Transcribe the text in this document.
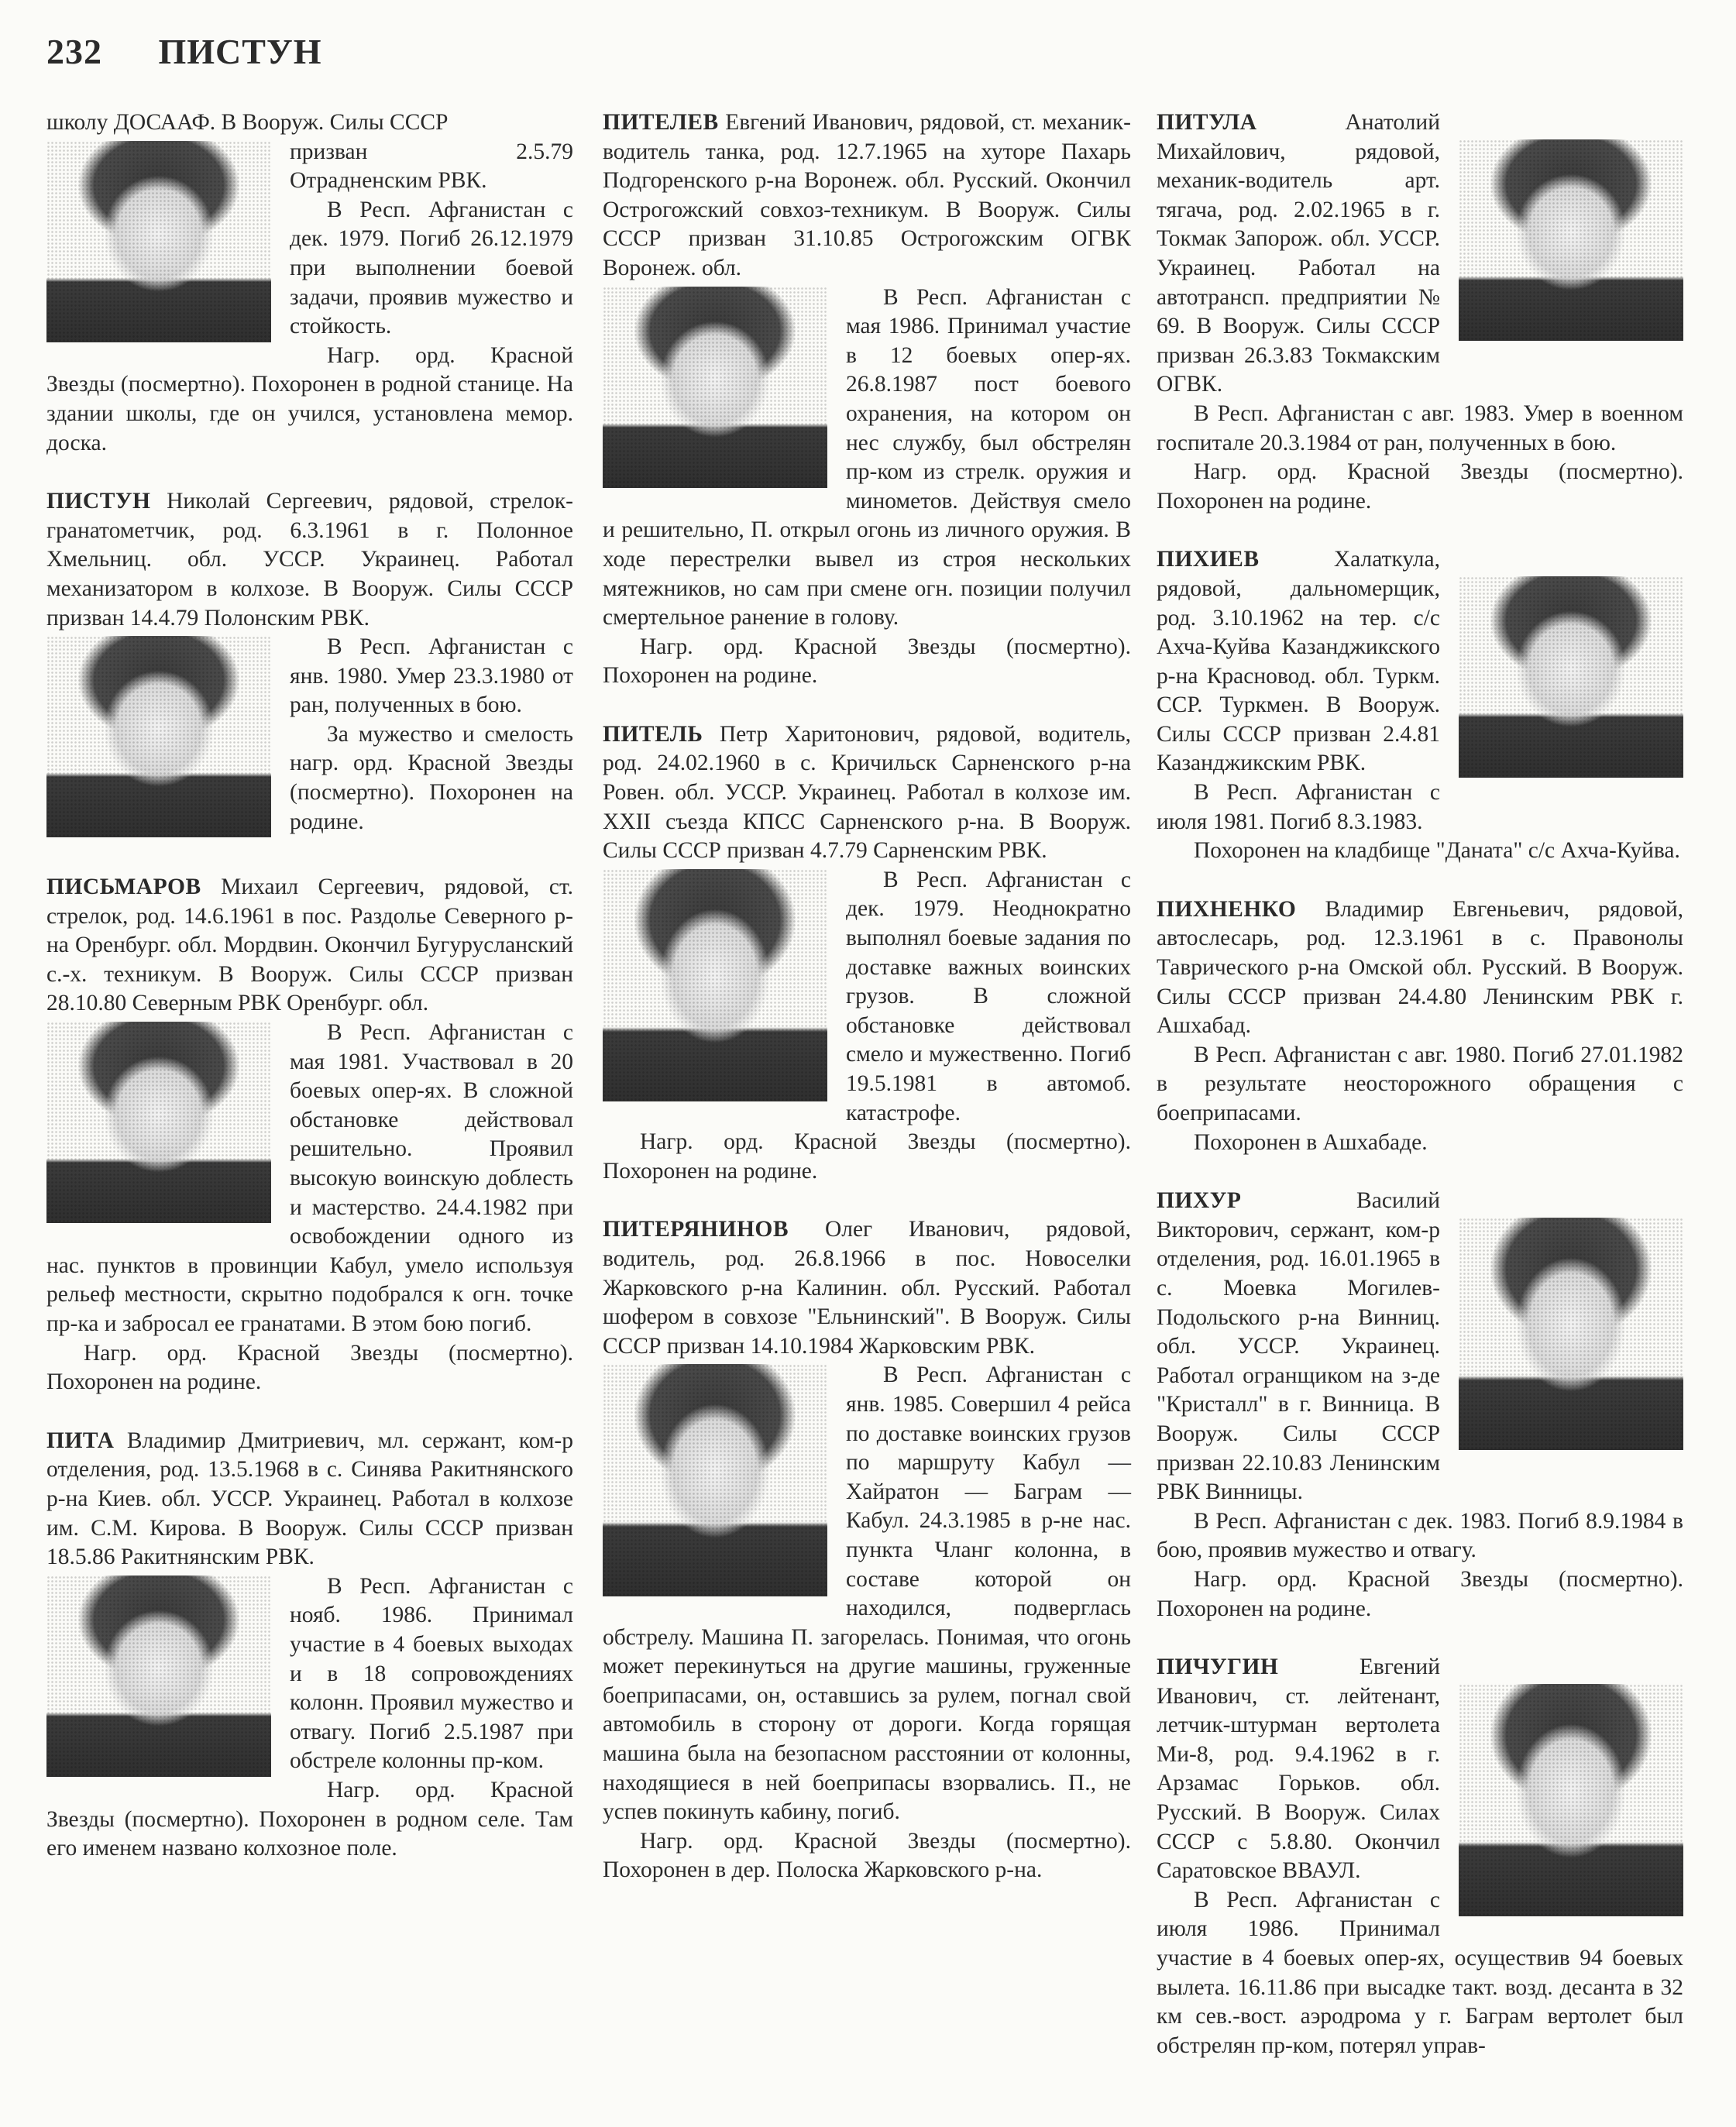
232 ПИСТУН

школу ДОСААФ. В Вооруж. Силы СССР

призван 2.5.79 Отрадненским РВК.

В Респ. Афганистан с дек. 1979. Погиб 26.12.1979 при выполнении боевой задачи, проявив мужество и стойкость.

Нагр. орд. Красной Звезды (посмертно). Похоронен в родной станице. На здании школы, где он учился, установлена мемор. доска.

ПИСТУН Николай Сергеевич, рядовой, стрелок-гранатометчик, род. 6.3.1961 в г. Полонное Хмельниц. обл. УССР. Украинец. Работал механизатором в колхозе. В Вооруж. Силы СССР призван 14.4.79 Полонским РВК.

В Респ. Афганистан с янв. 1980. Умер 23.3.1980 от ран, полученных в бою.

За мужество и смелость нагр. орд. Красной Звезды (посмертно). Похоронен на родине.

ПИСЬМАРОВ Михаил Сергеевич, рядовой, ст. стрелок, род. 14.6.1961 в пос. Раздолье Северного р-на Оренбург. обл. Мордвин. Окончил Бугурусланский с.-х. техникум. В Вооруж. Силы СССР призван 28.10.80 Северным РВК Оренбург. обл.

В Респ. Афганистан с мая 1981. Участвовал в 20 боевых опер-ях. В сложной обстановке действовал решительно. Проявил высокую воинскую доблесть и мастерство. 24.4.1982 при освобождении одного из нас. пунктов в провинции Кабул, умело используя рельеф местности, скрытно подобрался к огн. точке пр-ка и забросал ее гранатами. В этом бою погиб.

Нагр. орд. Красной Звезды (посмертно). Похоронен на родине.

ПИТА Владимир Дмитриевич, мл. сержант, ком-р отделения, род. 13.5.1968 в с. Синява Ракитнянского р-на Киев. обл. УССР. Украинец. Работал в колхозе им. С.М. Кирова. В Вооруж. Силы СССР призван 18.5.86 Ракитнянским РВК.

В Респ. Афганистан с нояб. 1986. Принимал участие в 4 боевых выходах и в 18 сопровождениях колонн. Проявил мужество и отвагу. Погиб 2.5.1987 при обстреле колонны пр-ком.

Нагр. орд. Красной Звезды (посмертно). Похоронен в родном селе. Там его именем названо колхозное поле.

ПИТЕЛЕВ Евгений Иванович, рядовой, ст. механик-водитель танка, род. 12.7.1965 на хуторе Пахарь Подгоренского р-на Воронеж. обл. Русский. Окончил Острогожский совхоз-техникум. В Вооруж. Силы СССР призван 31.10.85 Острогожским ОГВК Воронеж. обл.

В Респ. Афганистан с мая 1986. Принимал участие в 12 боевых опер-ях. 26.8.1987 пост боевого охранения, на котором он нес службу, был обстрелян пр-ком из стрелк. оружия и минометов. Действуя смело и решительно, П. открыл огонь из личного оружия. В ходе перестрелки вывел из строя нескольких мятежников, но сам при смене огн. позиции получил смертельное ранение в голову.

Нагр. орд. Красной Звезды (посмертно). Похоронен на родине.

ПИТЕЛЬ Петр Харитонович, рядовой, водитель, род. 24.02.1960 в с. Кричильск Сарненского р-на Ровен. обл. УССР. Украинец. Работал в колхозе им. XXII съезда КПСС Сарненского р-на. В Вооруж. Силы СССР призван 4.7.79 Сарненским РВК.

В Респ. Афганистан с дек. 1979. Неоднократно выполнял боевые задания по доставке важных воинских грузов. В сложной обстановке действовал смело и мужественно. Погиб 19.5.1981 в автомоб. катастрофе.

Нагр. орд. Красной Звезды (посмертно). Похоронен на родине.

ПИТЕРЯНИНОВ Олег Иванович, рядовой, водитель, род. 26.8.1966 в пос. Новоселки Жарковского р-на Калинин. обл. Русский. Работал шофером в совхозе "Ельнинский". В Вооруж. Силы СССР призван 14.10.1984 Жарковским РВК.

В Респ. Афганистан с янв. 1985. Совершил 4 рейса по доставке воинских грузов по маршруту Кабул — Хайратон — Баграм — Кабул. 24.3.1985 в р-не нас. пункта Чланг колонна, в составе которой он находился, подверглась обстрелу. Машина П. загорелась. Понимая, что огонь может перекинуться на другие машины, груженные боеприпасами, он, оставшись за рулем, погнал свой автомобиль в сторону от дороги. Когда горящая машина была на безопасном расстоянии от колонны, находящиеся в ней боеприпасы взорвались. П., не успев покинуть кабину, погиб.

Нагр. орд. Красной Звезды (посмертно). Похоронен в дер. Полоска Жарковского р-на.

ПИТУЛА	Анатолий Михайлович, рядовой, механик-водитель арт. тягача, род. 2.02.1965 в г. Токмак Запорож. обл. УССР. Украинец. Работал на автотрансп. предприятии № 69. В Вооруж. Силы СССР призван 26.3.83 Токмакским ОГВК.

В Респ. Афганистан с авг. 1983. Умер в военном госпитале 20.3.1984 от ран, полученных в бою.

Нагр. орд. Красной Звезды (посмертно). Похоронен на родине.

ПИХИЕВ	Халаткула, рядовой, дальномерщик, род. 3.10.1962 на тер. с/с Ахча-Куйва Казанджикского р-на Красновод. обл. Туркм. ССР. Туркмен. В Вооруж. Силы СССР призван 2.4.81 Казанджикским РВК.

В Респ. Афганистан с июля 1981. Погиб 8.3.1983.

Похоронен на кладбище "Даната" с/с Ахча-Куйва.

ПИХНЕНКО Владимир Евгеньевич, рядовой, автослесарь, род. 12.3.1961 в с. Правонолы Таврического р-на Омской обл. Русский. В Вооруж. Силы СССР призван 24.4.80 Ленинским РВК г. Ашхабад.

В Респ. Афганистан с авг. 1980. Погиб 27.01.1982 в результате неосторожного обращения с боеприпасами.

Похоронен в Ашхабаде.

ПИХУР	Василий Викторович, сержант, ком-р отделения, род. 16.01.1965 в с. Моевка Могилев-Подольского р-на Винниц. обл. УССР. Украинец. Работал огранщиком на з-де "Кристалл" в г. Винница. В Вооруж. Силы СССР призван 22.10.83 Ленинским РВК Винницы.

В Респ. Афганистан с дек. 1983. Погиб 8.9.1984 в бою, проявив мужество и отвагу.

Нагр. орд. Красной Звезды (посмертно). Похоронен на родине.

ПИЧУГИН	Евгений Иванович, ст. лейтенант, летчик-штурман вертолета Ми-8, род. 9.4.1962 в г. Арзамас Горьков. обл. Русский. В Вооруж. Силах СССР с 5.8.80. Окончил Саратовское ВВАУЛ.

В Респ. Афганистан с июля 1986. Принимал участие в 4 боевых опер-ях, осуществив 94 боевых вылета. 16.11.86 при высадке такт. возд. десанта в 32 км сев.-вост. аэродрома у г. Баграм вертолет был обстрелян пр-ком, потерял управ-
